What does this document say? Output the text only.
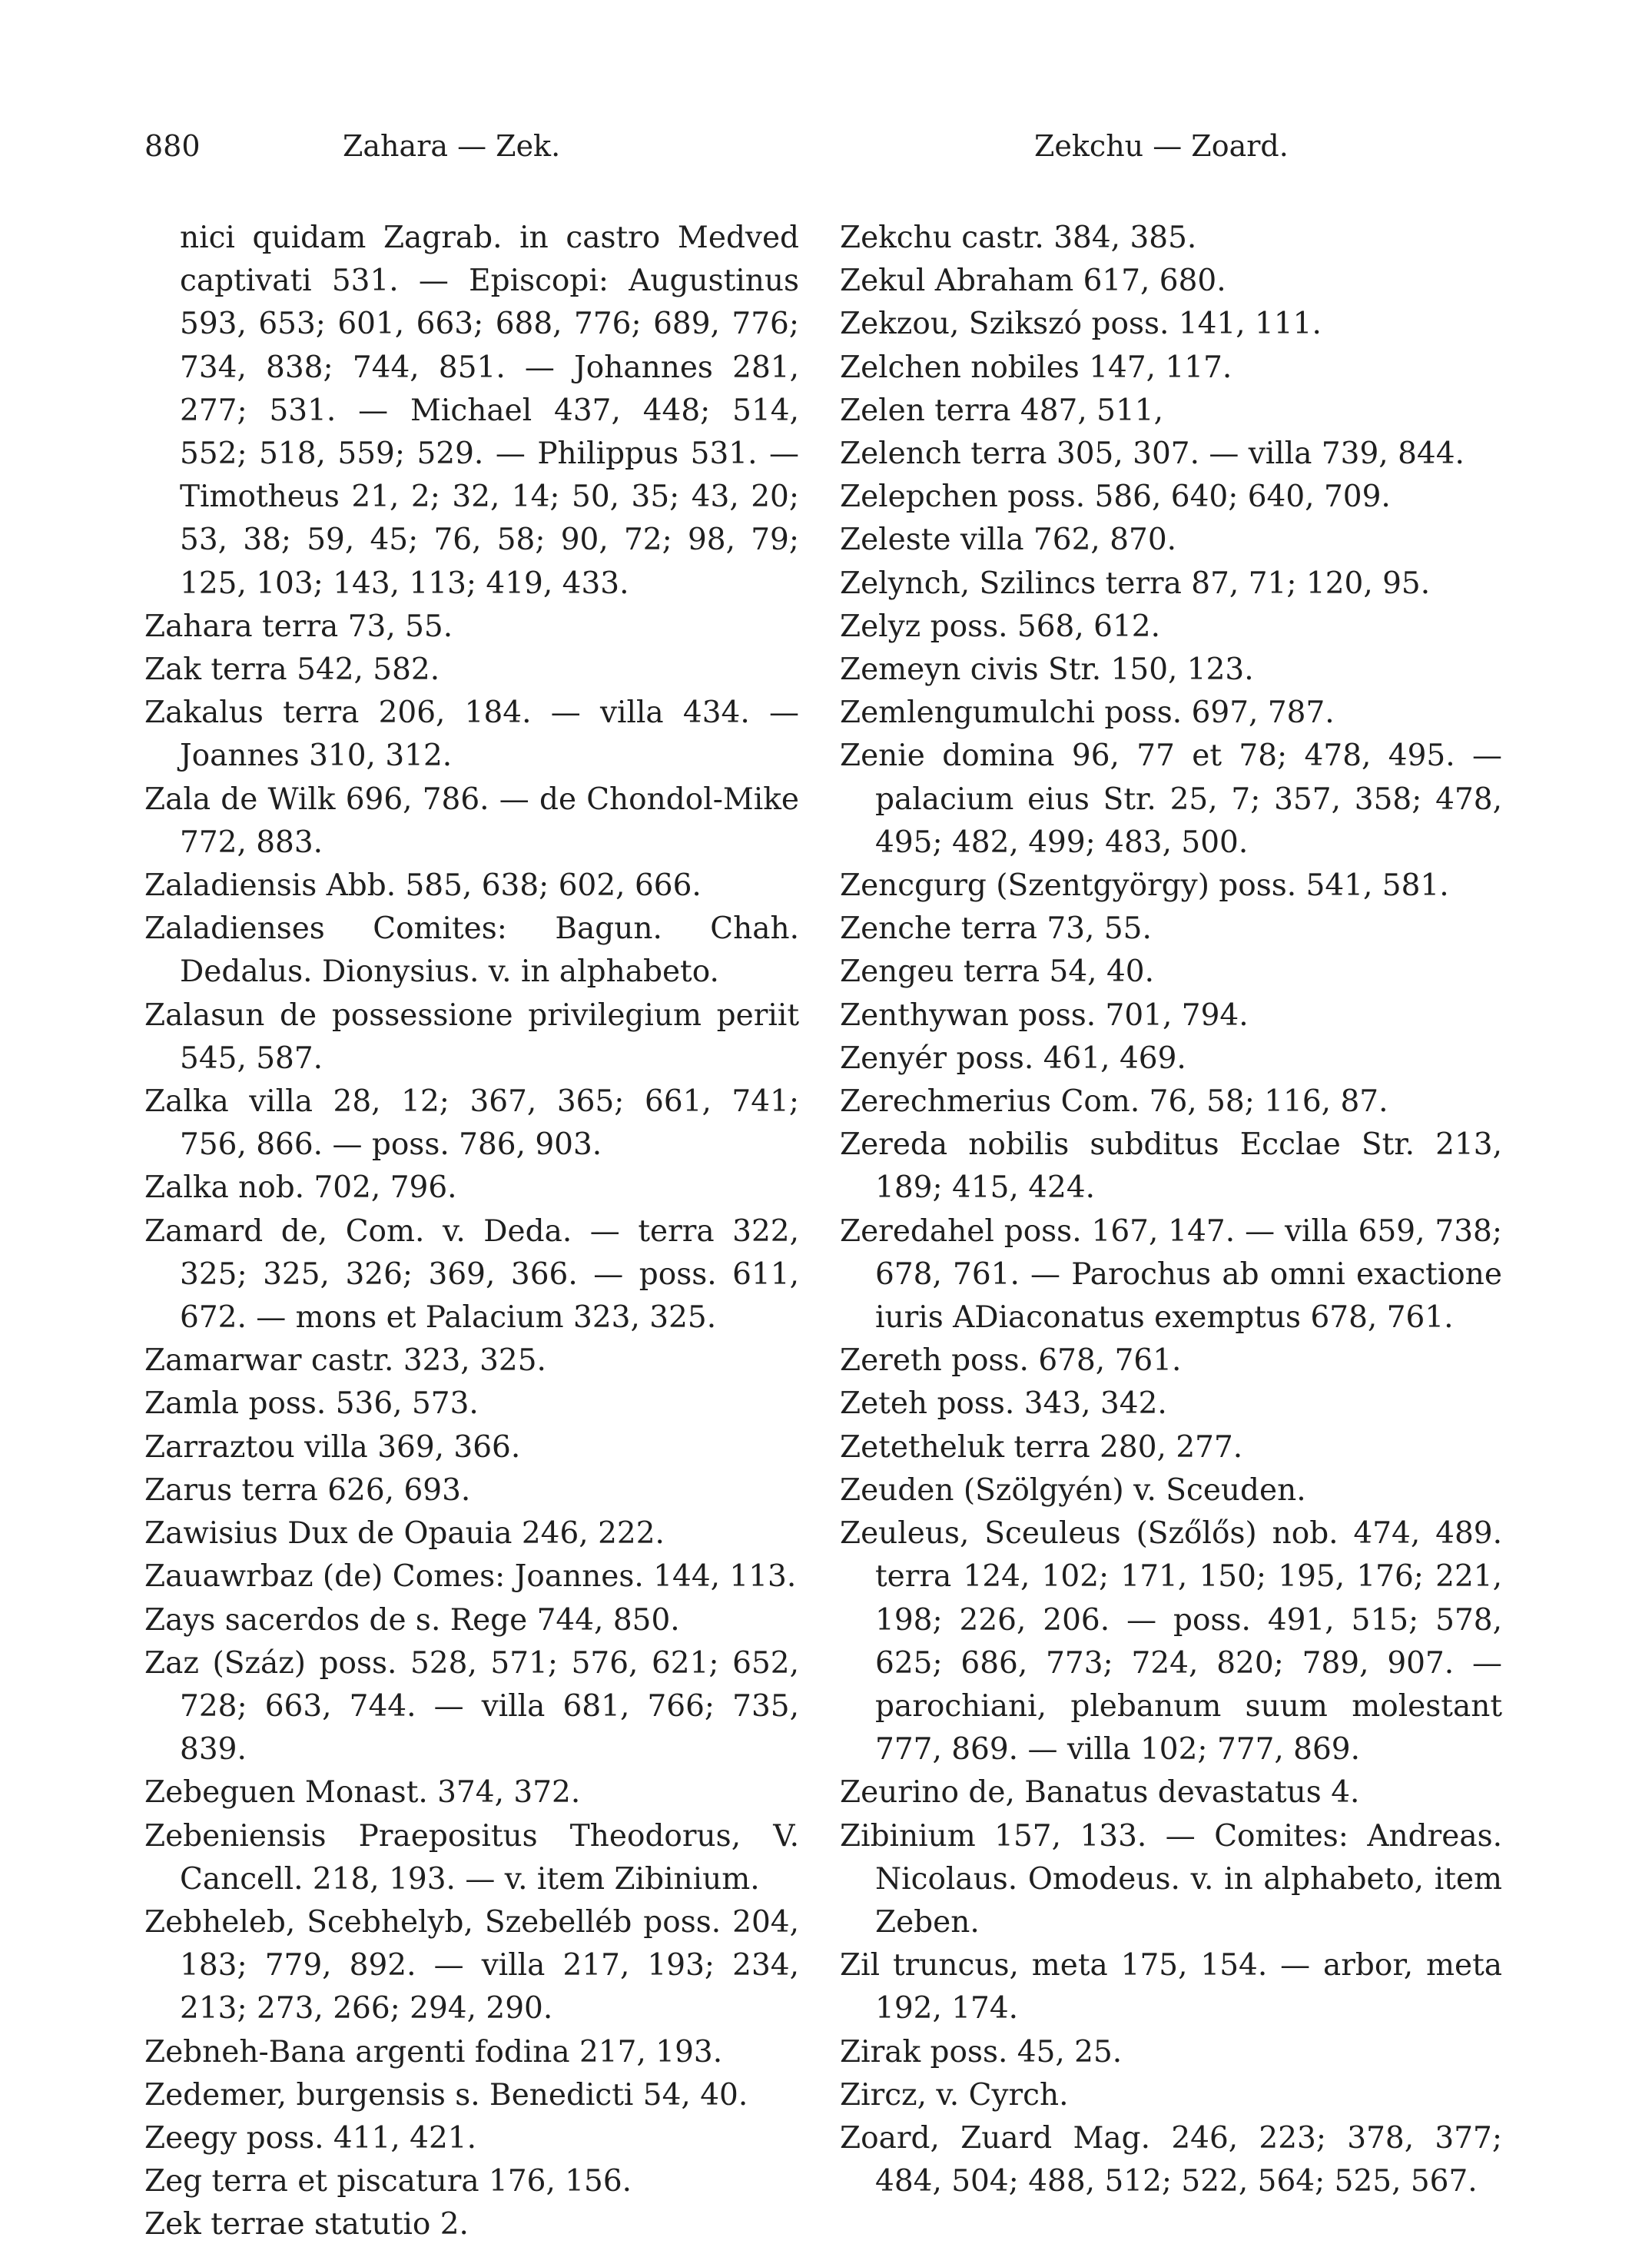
880	Zahara — Zek.	Zekchu — Zoard.
nici quidam Zagrab. in castro Medved captivati 531. — Episcopi: Augustinus 593, 653; 601, 663; 688, 776; 689, 776; 734, 838; 744, 851. — Johannes 281, 277; 531. — Michael 437, 448; 514, 552; 518, 559; 529. — Philippus 531. — Timotheus 21, 2; 32, 14; 50, 35; 43, 20; 53, 38; 59, 45; 76, 58; 90, 72; 98, 79; 125, 103; 143, 113; 419, 433.
Zahara terra 73, 55.
Zak terra 542, 582.
Zakalus terra 206, 184. — villa 434. — Joannes 310, 312.
Zala de Wilk 696, 786. — de Chondol-Mike 772, 883.
Zaladiensis Abb. 585, 638; 602, 666.
Zaladienses Comites: Bagun. Chah. Dedalus. Dionysius. v. in alphabeto.
Zalasun de possessione privilegium periit 545, 587.
Zalka villa 28, 12; 367, 365; 661, 741; 756, 866. — poss. 786, 903.
Zalka nob. 702, 796.
Zamard de, Com. v. Deda. — terra 322, 325; 325, 326; 369, 366. — poss. 611, 672. — mons et Palacium 323, 325.
Zamarwar castr. 323, 325.
Zamla poss. 536, 573.
Zarraztou villa 369, 366.
Zarus terra 626, 693.
Zawisius Dux de Opauia 246, 222.
Zauawrbaz (de) Comes: Joannes. 144, 113.
Zays sacerdos de s. Rege 744, 850.
Zaz (Száz) poss. 528, 571; 576, 621; 652, 728; 663, 744. — villa 681, 766; 735, 839.
Zebeguen Monast. 374, 372.
Zebeniensis Praepositus Theodorus, V. Cancell. 218, 193. — v. item Zibinium.
Zebheleb, Scebhelyb, Szebelléb poss. 204, 183; 779, 892. — villa 217, 193; 234, 213; 273, 266; 294, 290.
Zebneh-Bana argenti fodina 217, 193.
Zedemer, burgensis s. Benedicti 54, 40.
Zeegy poss. 411, 421.
Zeg terra et piscatura 176, 156.
Zek terrae statutio 2.
Zekchu castr. 384, 385.
Zekul Abraham 617, 680.
Zekzou, Szikszó poss. 141, 111.
Zelchen nobiles 147, 117.
Zelen terra 487, 511,
Zelench terra 305, 307. — villa 739, 844.
Zelepchen poss. 586, 640; 640, 709.
Zeleste villa 762, 870.
Zelynch, Szilincs terra 87, 71; 120, 95.
Zelyz poss. 568, 612.
Zemeyn civis Str. 150, 123.
Zemlengumulchi poss. 697, 787.
Zenie domina 96, 77 et 78; 478, 495. — palacium eius Str. 25, 7; 357, 358; 478, 495; 482, 499; 483, 500.
Zencgurg (Szentgyörgy) poss. 541, 581.
Zenche terra 73, 55.
Zengeu terra 54, 40.
Zenthywan poss. 701, 794.
Zenyér poss. 461, 469.
Zerechmerius Com. 76, 58; 116, 87.
Zereda nobilis subditus Ecclae Str. 213, 189; 415, 424.
Zeredahel poss. 167, 147. — villa 659, 738; 678, 761. — Parochus ab omni exactione iuris ADiaconatus exemptus 678, 761.
Zereth poss. 678, 761.
Zeteh poss. 343, 342.
Zetetheluk terra 280, 277.
Zeuden (Szölgyén) v. Sceuden.
Zeuleus, Sceuleus (Szőlős) nob. 474, 489. terra 124, 102; 171, 150; 195, 176; 221, 198; 226, 206. — poss. 491, 515; 578, 625; 686, 773; 724, 820; 789, 907. — parochiani, plebanum suum molestant 777, 869. — villa 102; 777, 869.
Zeurino de, Banatus devastatus 4.
Zibinium 157, 133. — Comites: Andreas. Nicolaus. Omodeus. v. in alphabeto, item Zeben.
Zil truncus, meta 175, 154. — arbor, meta 192, 174.
Zirak poss. 45, 25.
Zircz, v. Cyrch.
Zoard, Zuard Mag. 246, 223; 378, 377; 484, 504; 488, 512; 522, 564; 525, 567.
